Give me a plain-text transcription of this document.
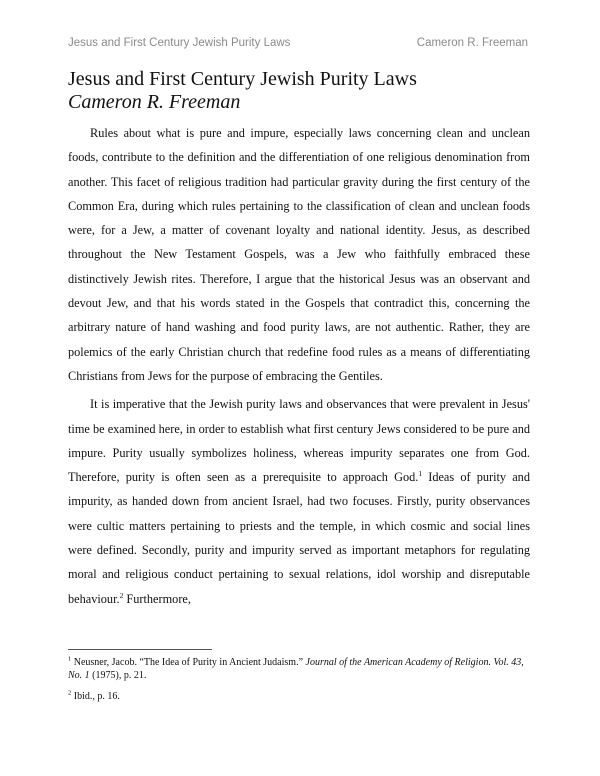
Jesus and First Century Jewish Purity Laws	Cameron R. Freeman
Jesus and First Century Jewish Purity Laws
Cameron R. Freeman

Rules about what is pure and impure, especially laws concerning clean and unclean foods, contribute to the definition and the differentiation of one religious denomination from another. This facet of religious tradition had particular gravity during the first century of the Common Era, during which rules pertaining to the classification of clean and unclean foods were, for a Jew, a matter of covenant loyalty and national identity. Jesus, as described throughout the New Testament Gospels, was a Jew who faithfully embraced these distinctively Jewish rites. Therefore, I argue that the historical Jesus was an observant and devout Jew, and that his words stated in the Gospels that contradict this, concerning the arbitrary nature of hand washing and food purity laws, are not authentic. Rather, they are polemics of the early Christian church that redefine food rules as a means of differentiating Christians from Jews for the purpose of embracing the Gentiles.

It is imperative that the Jewish purity laws and observances that were prevalent in Jesus' time be examined here, in order to establish what first century Jews considered to be pure and impure. Purity usually symbolizes holiness, whereas impurity separates one from God. Therefore, purity is often seen as a prerequisite to approach God.$^1$ Ideas of purity and impurity, as handed down from ancient Israel, had two focuses. Firstly, purity observances were cultic matters pertaining to priests and the temple, in which cosmic and social lines were defined. Secondly, purity and impurity served as important metaphors for regulating moral and religious conduct pertaining to sexual relations, idol worship and disreputable behaviour.$^2$ Furthermore,

$^1$ Neusner, Jacob. “The Idea of Purity in Ancient Judaism.” Journal of the American Academy of Religion. Vol. 43, No. 1 (1975), p. 21.

$^2$ Ibid., p. 16.
